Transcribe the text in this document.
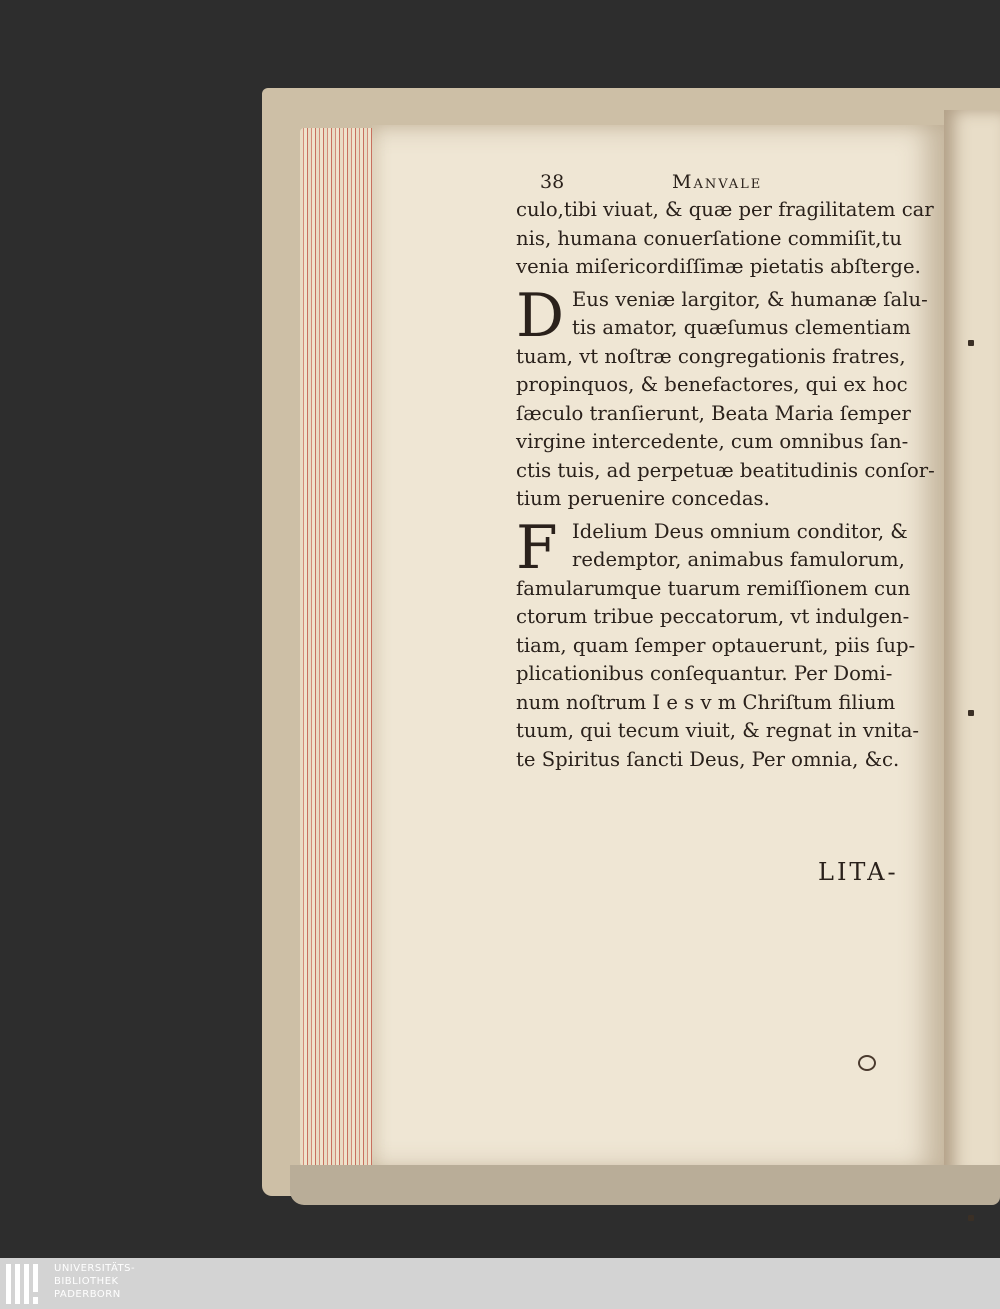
38	Manvale
culo,tibi viuat, & quæ per fragilitatem car
nis, humana conuerſatione commiſit,tu
venia miſericordiſſimæ pietatis abſterge.
D Eus veniæ largitor, & humanæ ſalu-
tis amator, quæſumus clementiam
tuam, vt noſtræ congregationis fratres,
propinquos, & benefactores, qui ex hoc
ſæculo tranſierunt, Beata Maria ſemper
virgine intercedente, cum omnibus ſan-
ctis tuis, ad perpetuæ beatitudinis conſor-
tium peruenire concedas.
F Idelium Deus omnium conditor, &
redemptor, animabus famulorum,
famularumque tuarum remiſſionem cun
ctorum tribue peccatorum, vt indulgen-
tiam, quam ſemper optauerunt, piis ſup-
plicationibus conſequantur. Per Domi-
num noſtrum I e s v m Chriſtum filium
tuum, qui tecum viuit, & regnat in vnita-
te Spiritus ſancti Deus, Per omnia, &c.
LITA-
UNIVERSITÄTS-
BIBLIOTHEK
PADERBORN
